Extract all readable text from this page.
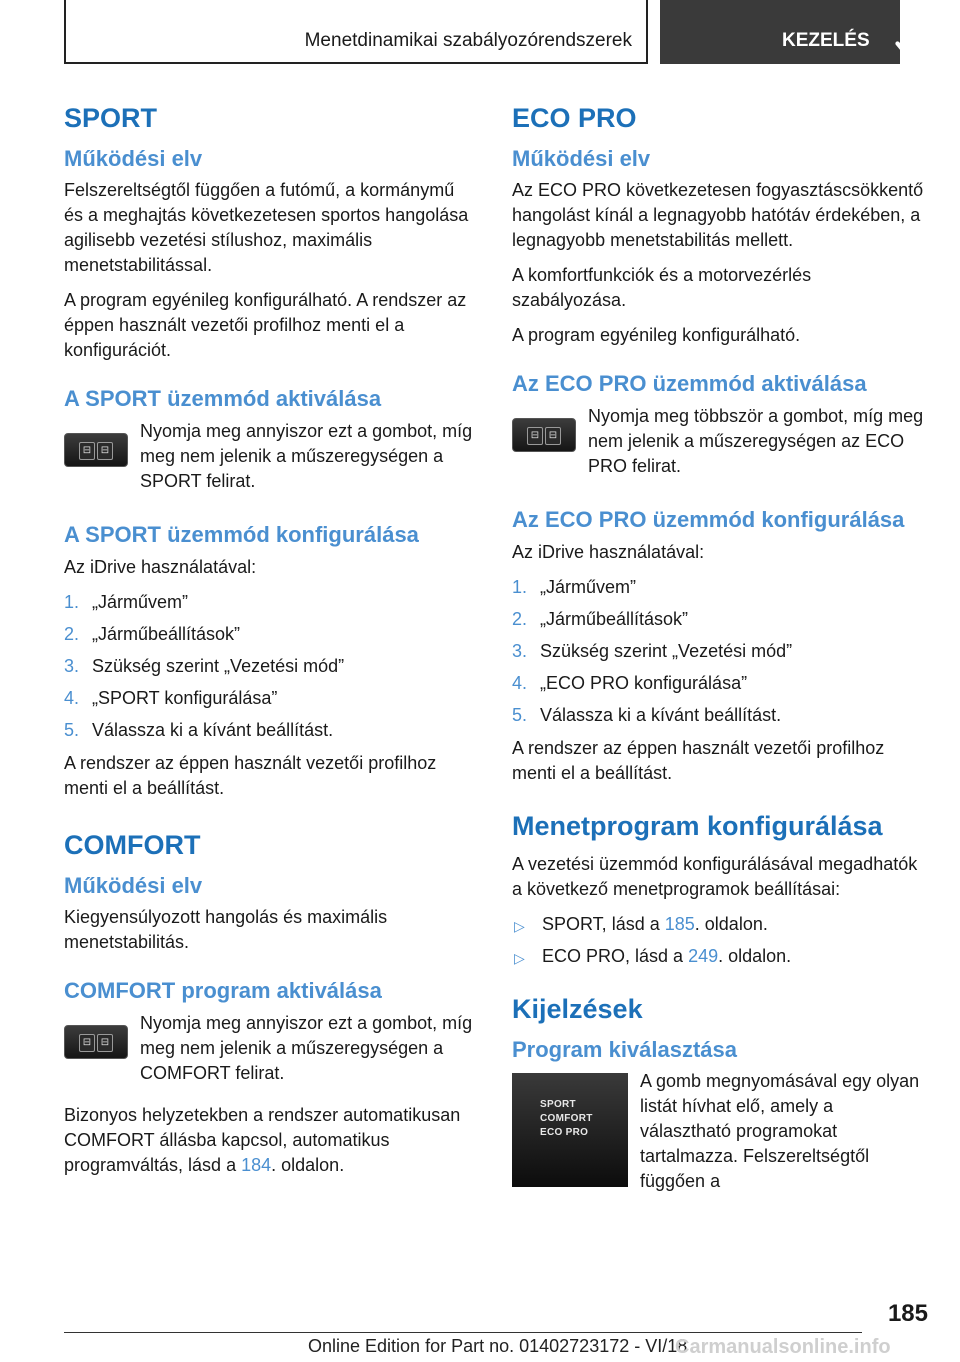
Menetdinamikai szabályozórendszerek	KEZELÉS
SPORT
Működési elv

Felszereltségtől függően a futómű, a kormánymű és a meghajtás következetesen sportos hangolása agilisebb vezetési stílushoz, maximális menetstabilitással.

A program egyénileg konfigurálható. A rendszer az éppen használt vezetői profilhoz menti el a konfigurációt.

A SPORT üzemmód aktiválása
⊟ ⊟

Nyomja meg annyiszor ezt a gombot, míg meg nem jelenik a műszeregységen a SPORT felirat.

A SPORT üzemmód konfigurálása

Az iDrive használatával:

1. „Járművem”
2. „Járműbeállítások”
3. Szükség szerint „Vezetési mód”
4. „SPORT konfigurálása”
5. Válassza ki a kívánt beállítást.

A rendszer az éppen használt vezetői profilhoz menti el a beállítást.

COMFORT
Működési elv

Kiegyensúlyozott hangolás és maximális menetstabilitás.

COMFORT program aktiválása
⊟ ⊟

Nyomja meg annyiszor ezt a gombot, míg meg nem jelenik a műszeregységen a COMFORT felirat.

Bizonyos helyzetekben a rendszer automatikusan COMFORT állásba kapcsol, automatikus programváltás, lásd a 184. oldalon.

ECO PRO
Működési elv

Az ECO PRO következetesen fogyasztáscsökkentő hangolást kínál a legnagyobb hatótáv érdekében, a legnagyobb menetstabilitás mellett.

A komfortfunkciók és a motorvezérlés szabályozása.

A program egyénileg konfigurálható.

Az ECO PRO üzemmód aktiválása
⊟ ⊟

Nyomja meg többször a gombot, míg meg nem jelenik a műszeregységen az ECO PRO felirat.

Az ECO PRO üzemmód konfigurálása

Az iDrive használatával:

1. „Járművem”
2. „Járműbeállítások”
3. Szükség szerint „Vezetési mód”
4. „ECO PRO konfigurálása”
5. Válassza ki a kívánt beállítást.

A rendszer az éppen használt vezetői profilhoz menti el a beállítást.

Menetprogram konfigurálása

A vezetési üzemmód konfigurálásával megadhatók a következő menetprogramok beállításai:

▷ SPORT, lásd a 185. oldalon.
▷ ECO PRO, lásd a 249. oldalon.
Kijelzések
Program kiválasztása
SPORT
COMFORT
ECO PRO

A gomb megnyomásával egy olyan listát hívhat elő, amely a választható programokat tartalmazza. Felszereltségtől függően a

185
Online Edition for Part no. 01402723172 - VI/18
Carmanualsonline.info
